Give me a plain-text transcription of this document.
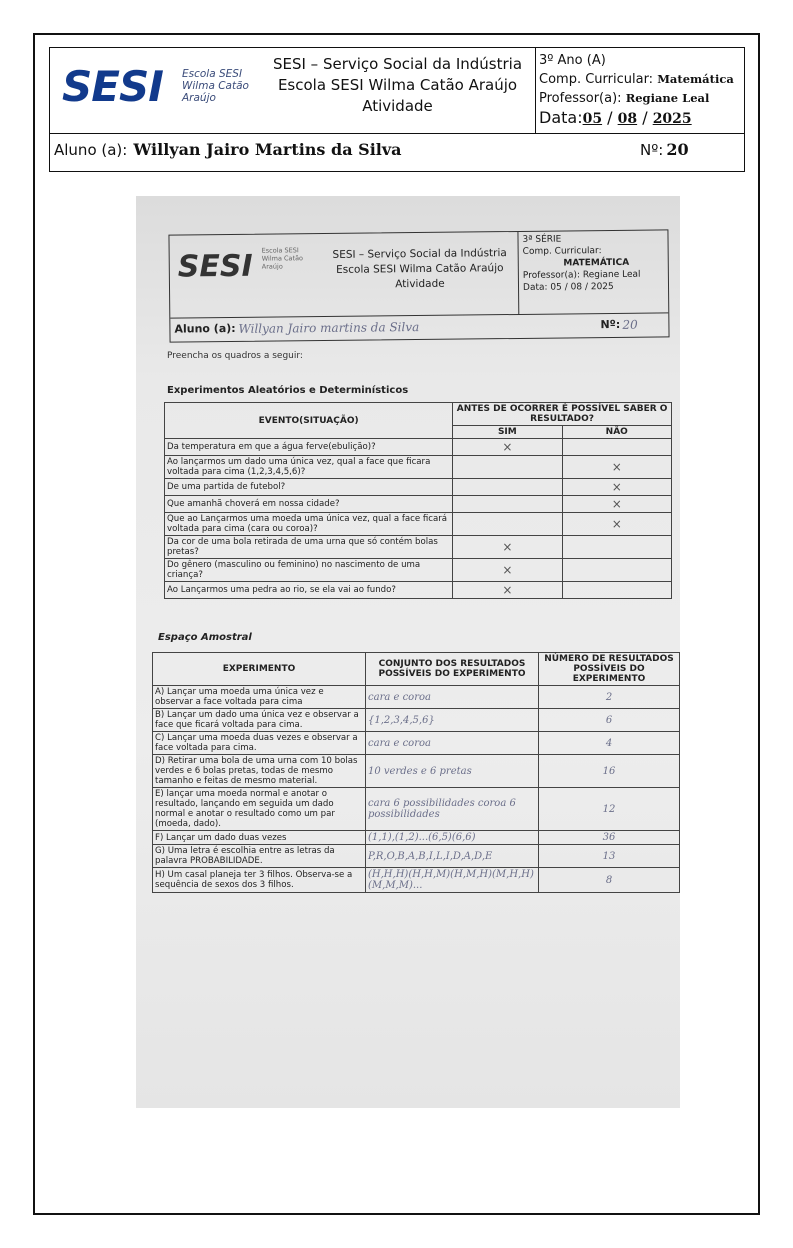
SESI Escola SESI
Wilma Catão
Araújo
SESI – Serviço Social da Indústria
Escola SESI Wilma Catão Araújo
Atividade
3º Ano (A)
Comp. Curricular: Matemática
Professor(a): Regiane Leal
Data:05 / 08 / 2025
Aluno (a): Willyan Jairo Martins da Silva	Nº: 20
SESI Escola SESI
Wilma Catão
Araújo
SESI – Serviço Social da Indústria
Escola SESI Wilma Catão Araújo
Atividade
3ª SÉRIE
Comp. Curricular:
MATEMÁTICA
Professor(a): Regiane Leal
Data: 05 / 08 / 2025
Aluno (a): Willyan Jairo martins da Silva	Nº: 20
Preencha os quadros a seguir:
Experimentos Aleatórios e Determinísticos
EVENTO(SITUAÇÃO)	ANTES DE OCORRER É POSSÍVEL SABER O RESULTADO?	
	SIM	NÃO
Da temperatura em que a água ferve(ebulição)?	×	
Ao lançarmos um dado uma única vez, qual a face que ficara voltada para cima (1,2,3,4,5,6)?		×
De uma partida de futebol?		×
Que amanhã choverá em nossa cidade?		×
Que ao Lançarmos uma moeda uma única vez, qual a face ficará voltada para cima (cara ou coroa)?		×
Da cor de uma bola retirada de uma urna que só contém bolas pretas?	×	
Do gênero (masculino ou feminino) no nascimento de uma criança?	×	
Ao Lançarmos uma pedra ao rio, se ela vai ao fundo?	×	
Espaço Amostral
EXPERIMENTO	CONJUNTO DOS RESULTADOS POSSÍVEIS DO EXPERIMENTO	NÚMERO DE RESULTADOS POSSÍVEIS DO EXPERIMENTO
A) Lançar uma moeda uma única vez e observar a face voltada para cima	cara e coroa	2
B) Lançar um dado uma única vez e observar a face que ficará voltada para cima.	{1,2,3,4,5,6}	6
C) Lançar uma moeda duas vezes e observar a face voltada para cima.	cara e coroa	4
D) Retirar uma bola de uma urna com 10 bolas verdes e 6 bolas pretas, todas de mesmo tamanho e feitas de mesmo material.	10 verdes e 6 pretas	16
E) lançar uma moeda normal e anotar o resultado, lançando em seguida um dado normal e anotar o resultado como um par (moeda, dado).	cara 6 possibilidades coroa 6 possibilidades	12
F) Lançar um dado duas vezes	(1,1),(1,2)...(6,5)(6,6)	36
G) Uma letra é escolhia entre as letras da palavra PROBABILIDADE.	P,R,O,B,A,B,I,L,I,D,A,D,E	13
H) Um casal planeja ter 3 filhos. Observa-se a sequência de sexos dos 3 filhos.	(H,H,H)(H,H,M)(H,M,H)(M,H,H)(M,M,M)...	8
